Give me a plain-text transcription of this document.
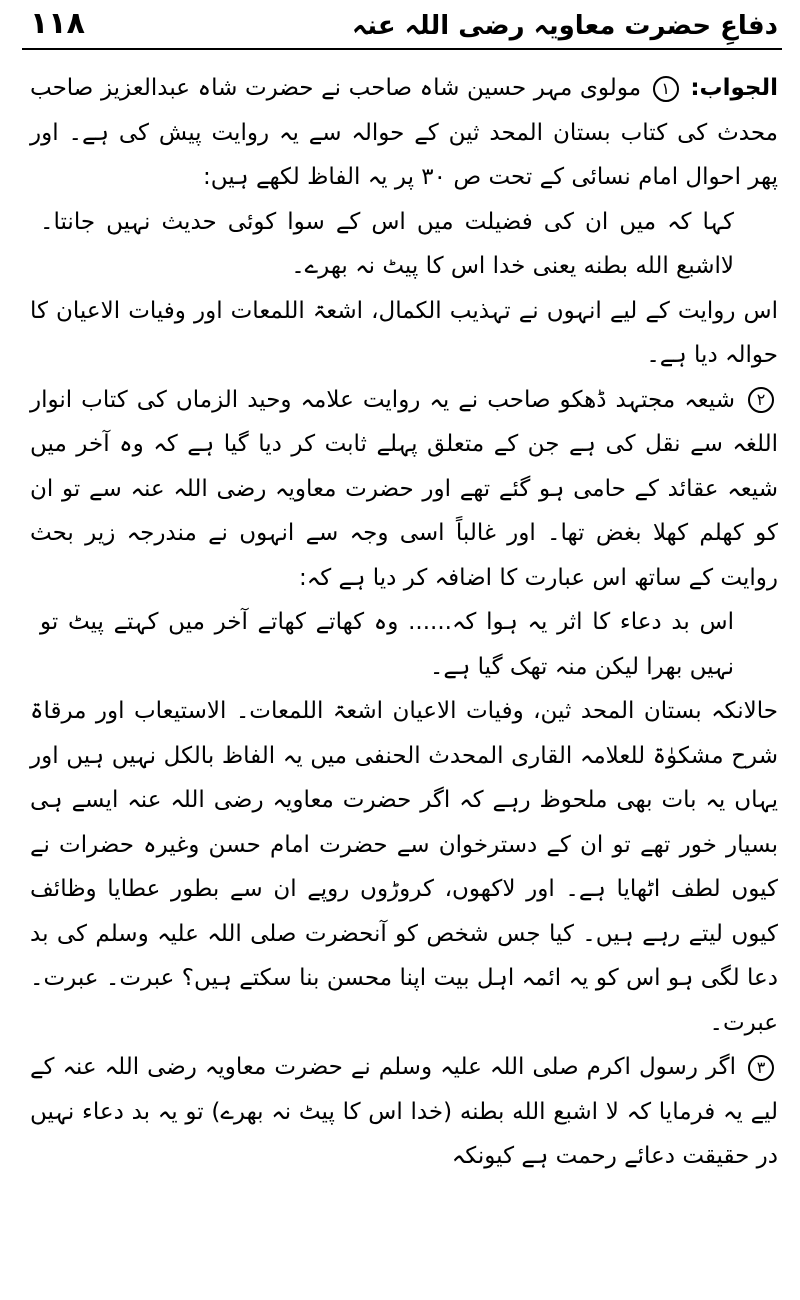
دفاعِ حضرت معاویہ رضی اللہ عنہ
۱۱۸

الجواب: ۱ مولوی مہر حسین شاہ صاحب نے حضرت شاہ عبدالعزیز صاحب محدث کی کتاب بستان المحد ثین کے حوالہ سے یہ روایت پیش کی ہے۔ اور پھر احوال امام نسائی کے تحت ص ۳۰ پر یہ الفاظ لکھے ہیں:

کہا کہ میں ان کی فضیلت میں اس کے سوا کوئی حدیث نہیں جانتا۔ لااشبع الله بطنه یعنی خدا اس کا پیٹ نہ بھرے۔

اس روایت کے لیے انہوں نے تہذیب الکمال، اشعۃ اللمعات اور وفیات الاعیان کا حوالہ دیا ہے۔

۲ شیعہ مجتہد ڈھکو صاحب نے یہ روایت علامہ وحید الزماں کی کتاب انوار اللغہ سے نقل کی ہے جن کے متعلق پہلے ثابت کر دیا گیا ہے کہ وہ آخر میں شیعہ عقائد کے حامی ہو گئے تھے اور حضرت معاویہ رضی اللہ عنہ سے تو ان کو کھلم کھلا بغض تھا۔ اور غالباً اسی وجہ سے انہوں نے مندرجہ زیر بحث روایت کے ساتھ اس عبارت کا اضافہ کر دیا ہے کہ:

اس بد دعاء کا اثر یہ ہوا کہ...... وہ کھاتے کھاتے آخر میں کہتے پیٹ تو نہیں بھرا لیکن منہ تھک گیا ہے۔

حالانکہ بستان المحد ثین، وفیات الاعیان اشعۃ اللمعات۔ الاستیعاب اور مرقاۃ شرح مشکوٰۃ للعلامہ القاری المحدث الحنفی میں یہ الفاظ بالکل نہیں ہیں اور یہاں یہ بات بھی ملحوظ رہے کہ اگر حضرت معاویہ رضی اللہ عنہ ایسے ہی بسیار خور تھے تو ان کے دسترخوان سے حضرت امام حسن وغیرہ حضرات نے کیوں لطف اٹھایا ہے۔ اور لاکھوں، کروڑوں روپے ان سے بطور عطایا وظائف کیوں لیتے رہے ہیں۔ کیا جس شخص کو آنحضرت صلی اللہ علیہ وسلم کی بد دعا لگی ہو اس کو یہ ائمہ اہل بیت اپنا محسن بنا سکتے ہیں؟ عبرت۔ عبرت۔ عبرت۔

۳ اگر رسول اکرم صلی اللہ علیہ وسلم نے حضرت معاویہ رضی اللہ عنہ کے لیے یہ فرمایا کہ لا اشبع الله بطنه (خدا اس کا پیٹ نہ بھرے) تو یہ بد دعاء نہیں در حقیقت دعائے رحمت ہے کیونکہ
